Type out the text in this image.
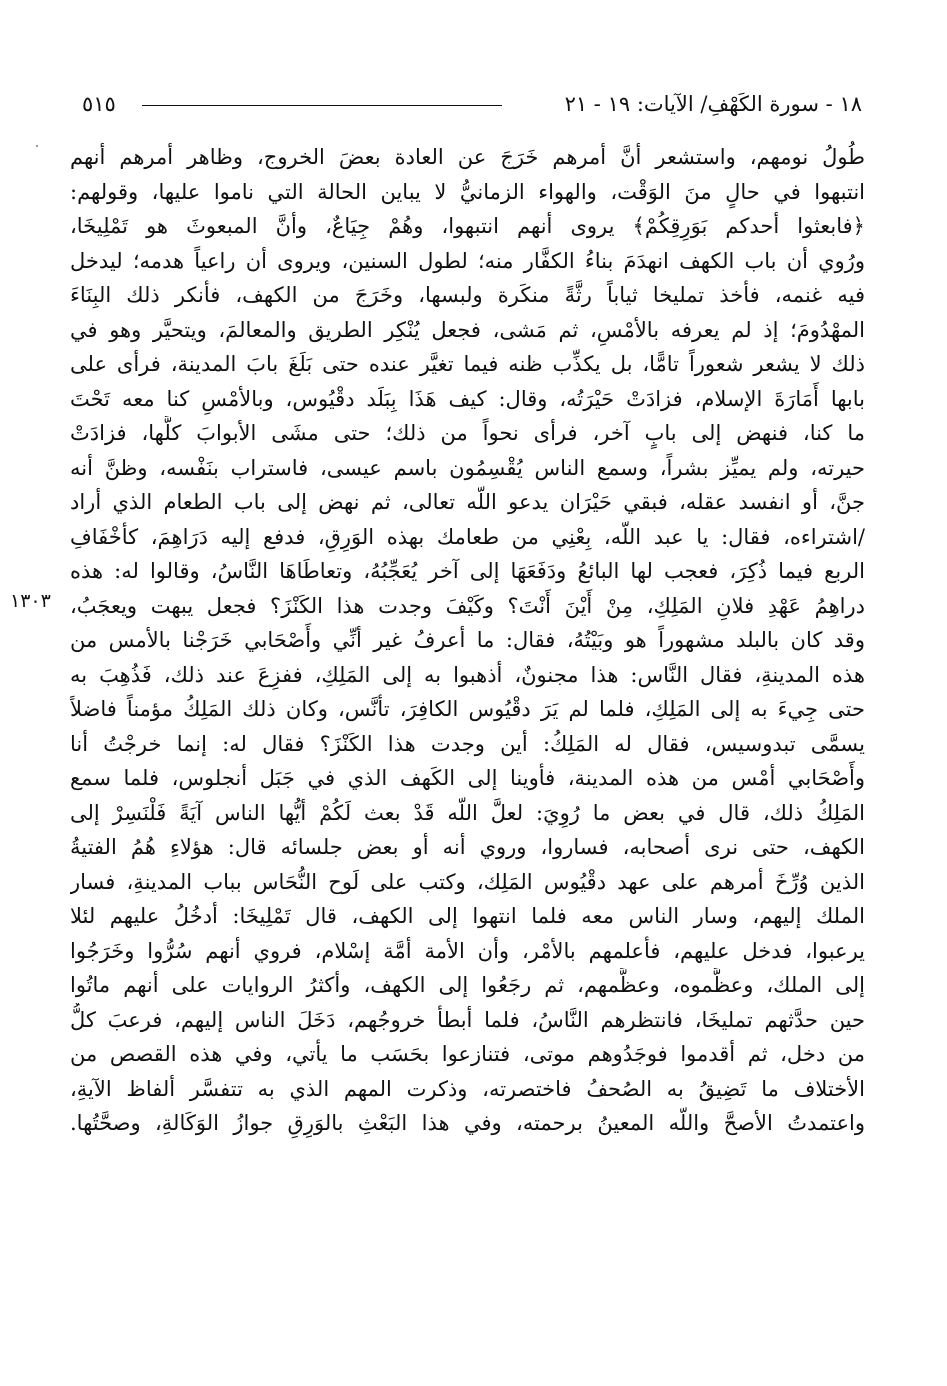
١٨ - سورة الكَهْفِ/ الآيات: ١٩ - ٢١
٥١٥
١٣٠٣
طُولُ نومهم، واستشعر أنَّ أمرهم خَرَجَ عن العادة بعضَ الخروج، وظاهر أمرهم أنهم
انتبهوا في حالٍ منَ الوَقْت، والهواء الزمانيُّ لا يباين الحالة التي ناموا عليها، وقولهم:
﴿فابعثوا أحدكم بَوَرِقِكُمْ﴾ يروى أنهم انتبهوا، وهُمْ جِيَاعٌ، وأنَّ المبعوثَ هو تَمْلِيخَا،
ورُوي أن باب الكهف انهدَمَ بناءُ الكفَّار منه؛ لطول السنين، ويروى أن راعياً هدمه؛ ليدخل
فيه غنمه، فأخذ تمليخا ثياباً رثَّةً منكَرة ولبسها، وخَرَجَ من الكهف، فأنكر ذلك البِنَاءَ
المهْدُومَ؛ إذ لم يعرفه بالأمْسِ، ثم مَشى، فجعل يُنْكِر الطريق والمعالمَ، ويتحيَّر وهو في
ذلك لا يشعر شعوراً تامًّا، بل يكذِّب ظنه فيما تغيَّر عنده حتى بَلَغَ بابَ المدينة، فرأى على
بابها أَمَارَةَ الإسلام، فزادَتْ حَيْرَتُه، وقال: كيف هَذَا بِبَلَد دقْيُوس، وبالأمْسِ كنا معه تَحْتَ
ما كنا، فنهض إلى بابٍ آخر، فرأى نحواً من ذلك؛ حتى مشَى الأبوابَ كلَّها، فزادَتْ
حيرته، ولم يميِّز بشراً، وسمع الناس يُقْسِمُون باسم عيسى، فاستراب بنَفْسه، وظنَّ أنه
جنَّ، أو انفسد عقله، فبقي حَيْرَان يدعو اللّه تعالى، ثم نهض إلى باب الطعام الذي أراد
/اشتراءه، فقال: يا عبد اللّه، بِعْنِي من طعامك بهذه الوَرِقِ، فدفع إليه دَرَاهِمَ، كأخْفَافِ
الربع فيما ذُكِرَ، فعجب لها البائعُ ودَفَعَهَا إلى آخر يُعَجِّبُهُ، وتعاطَاهَا النَّاسُ، وقالوا له: هذه
دراهِمُ عَهْدِ فلانِ المَلِكِ، مِنْ أَيْنَ أَنْتَ؟ وكَيْفَ وجدت هذا الكَنْزَ؟ فجعل يبهت ويعجَبُ،
وقد كان بالبلد مشهوراً هو وبَيْتُهُ، فقال: ما أعرفُ غير أنِّي وأَصْحَابي خَرَجْنا بالأمس من
هذه المدينةِ، فقال النَّاس: هذا مجنونٌ، أذهبوا به إلى المَلِكِ، ففزِعَ عند ذلك، فَذُهِبَ به
حتى جِيءَ به إلى المَلِكِ، فلما لم يَرَ دقْيُوس الكافِرَ، تأنَّس، وكان ذلك المَلِكُ مؤمناً فاضلاً
يسمَّى تبدوسيس، فقال له المَلِكُ: أين وجدت هذا الكَنْزَ؟ فقال له: إنما خرجْتُ أنا
وأَصْحَابي أمْس من هذه المدينة، فأوينا إلى الكَهف الذي في جَبَل أنجلوس، فلما سمع
المَلِكُ ذلك، قال في بعض ما رُوِيَ: لعلَّ اللّه قَدْ بعث لَكُمْ أيُّها الناس آيَةً فَلْنَسِرْ إلى
الكهف، حتى نرى أصحابه، فساروا، وروي أنه أو بعض جلسائه قال: هؤلاءِ هُمُ الفتيةُ
الذين وُرِّخَ أمرهم على عهد دقْيُوس المَلِك، وكتب على لَوح النُّحَاس بباب المدينةِ، فسار
الملك إليهم، وسار الناس معه فلما انتهوا إلى الكهف، قال تَمْلِيخَا: أدخُلُ عليهم لئلا
يرعبوا، فدخل عليهم، فأعلمهم بالأمْر، وأن الأمة أمَّة إسْلام، فروي أنهم سُرُّوا وخَرَجُوا
إلى الملك، وعظَّموه، وعظَّمهم، ثم رجَعُوا إلى الكهف، وأكثرُ الروايات على أنهم ماتُوا
حين حدَّثهم تمليخَا، فانتظرهم النَّاسُ، فلما أبطأ خروجُهم، دَخَلَ الناس إليهم، فرعبَ كلُّ
من دخل، ثم أقدموا فوجَدُوهم موتى، فتنازعوا بحَسَب ما يأتي، وفي هذه القصص من
الأختلاف ما تَضِيقُ به الصُحفُ فاختصرته، وذكرت المهم الذي به تتفسَّر ألفاظ الآيةِ،
واعتمدتُ الأصحَّ واللّه المعينُ برحمته، وفي هذا البَعْثِ بالوَرِقِ جوازُ الوَكَالةِ، وصحَّتُها.
